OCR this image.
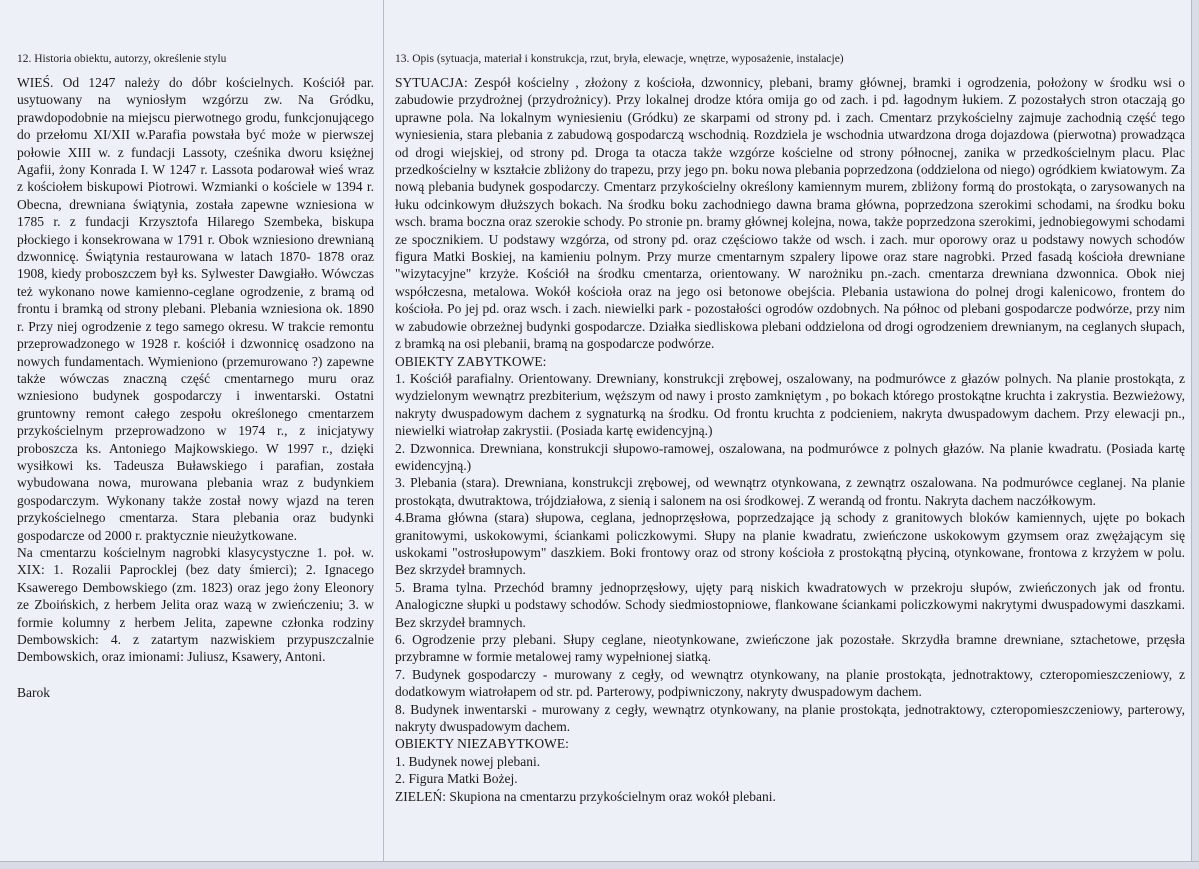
12. Historia obiektu, autorzy, określenie stylu

WIEŚ. Od 1247 należy do dóbr kościelnych. Kościół par. usytuowany na wyniosłym wzgórzu zw. Na Gródku, prawdopodobnie na miejscu pierwotnego grodu, funkcjonującego do przełomu XI/XII w.Parafia powstała być może w pierwszej połowie XIII w. z fundacji Lassoty, cześnika dworu księżnej Agafii, żony Konrada I. W 1247 r. Lassota podarował wieś wraz z kościołem biskupowi Piotrowi. Wzmianki o kościele w 1394 r. Obecna, drewniana świątynia, została zapewne wzniesiona w 1785 r. z fundacji Krzysztofa Hilarego Szembeka, biskupa płockiego i konsekrowana w 1791 r. Obok wzniesiono drewnianą dzwonnicę. Świątynia restaurowana w latach 1870- 1878 oraz 1908, kiedy proboszczem był ks. Sylwester Dawgiałło. Wówczas też wykonano nowe kamienno-ceglane ogrodzenie, z bramą od frontu i bramką od strony plebani. Plebania wzniesiona ok. 1890 r. Przy niej ogrodzenie z tego samego okresu. W trakcie remontu przeprowadzonego w 1928 r. kościół i dzwonnicę osadzono na nowych fundamentach. Wymieniono (przemurowano ?) zapewne także wówczas znaczną część cmentarnego muru oraz wzniesiono budynek gospodarczy i inwentarski. Ostatni gruntowny remont całego zespołu określonego cmentarzem przykościelnym przeprowadzono w 1974 r., z inicjatywy proboszcza ks. Antoniego Majkowskiego. W 1997 r., dzięki wysiłkowi ks. Tadeusza Buławskiego i parafian, została wybudowana nowa, murowana plebania wraz z budynkiem gospodarczym. Wykonany także został nowy wjazd na teren przykościelnego cmentarza. Stara plebania oraz budynki gospodarcze od 2000 r. praktycznie nieużytkowane.

Na cmentarzu kościelnym nagrobki klasycystyczne 1. poł. w. XIX: 1. Rozalii Paprocklej (bez daty śmierci); 2. Ignacego Ksawerego Dembowskiego (zm. 1823) oraz jego żony Eleonory ze Zboińskich, z herbem Jelita oraz wazą w zwieńczeniu; 3. w formie kolumny z herbem Jelita, zapewne członka rodziny Dembowskich: 4. z zatartym nazwiskiem przypuszczalnie Dembowskich, oraz imionami: Juliusz, Ksawery, Antoni.

Barok

13. Opis (sytuacja, materiał i konstrukcja, rzut, bryła, elewacje, wnętrze, wyposażenie, instalacje)

SYTUACJA: Zespół kościelny , złożony z kościoła, dzwonnicy, plebani, bramy głównej, bramki i ogrodzenia, położony w środku wsi o zabudowie przydrożnej (przydrożnicy). Przy lokalnej drodze która omija go od zach. i pd. łagodnym łukiem. Z pozostałych stron otaczają go uprawne pola. Na lokalnym wyniesieniu (Gródku) ze skarpami od strony pd. i zach. Cmentarz przykościelny zajmuje zachodnią część tego wyniesienia, stara plebania z zabudową gospodarczą wschodnią. Rozdziela je wschodnia utwardzona droga dojazdowa (pierwotna) prowadząca od drogi wiejskiej, od strony pd. Droga ta otacza także wzgórze kościelne od strony północnej, zanika w przedkościelnym placu. Plac przedkościelny w kształcie zbliżony do trapezu, przy jego pn. boku nowa plebania poprzedzona (oddzielona od niego) ogródkiem kwiatowym. Za nową plebania budynek gospodarczy. Cmentarz przykościelny określony kamiennym murem, zbliżony formą do prostokąta, o zarysowanych na łuku odcinkowym dłuższych bokach. Na środku boku zachodniego dawna brama główna, poprzedzona szerokimi schodami, na środku boku wsch. brama boczna oraz szerokie schody. Po stronie pn. bramy głównej kolejna, nowa, także poprzedzona szerokimi, jednobiegowymi schodami ze spocznikiem. U podstawy wzgórza, od strony pd. oraz częściowo także od wsch. i zach. mur oporowy oraz u podstawy nowych schodów figura Matki Boskiej, na kamieniu polnym. Przy murze cmentarnym szpalery lipowe oraz stare nagrobki. Przed fasadą kościoła drewniane "wizytacyjne" krzyże. Kościół na środku cmentarza, orientowany. W narożniku pn.-zach. cmentarza drewniana dzwonnica. Obok niej współczesna, metalowa. Wokół kościoła oraz na jego osi betonowe obejścia. Plebania ustawiona do polnej drogi kalenicowo, frontem do kościoła. Po jej pd. oraz wsch. i zach. niewielki park - pozostałości ogrodów ozdobnych. Na północ od plebani gospodarcze podwórze, przy nim w zabudowie obrzeżnej budynki gospodarcze. Działka siedliskowa plebani oddzielona od drogi ogrodzeniem drewnianym, na ceglanych słupach, z bramką na osi plebanii, bramą na gospodarcze podwórze.

OBIEKTY ZABYTKOWE:

1. Kościół parafialny. Orientowany. Drewniany, konstrukcji zrębowej, oszalowany, na podmurówce z głazów polnych. Na planie prostokąta, z wydzielonym wewnątrz prezbiterium, węższym od nawy i prosto zamkniętym , po bokach którego prostokątne kruchta i zakrystia. Bezwieżowy, nakryty dwuspadowym dachem z sygnaturką na środku. Od frontu kruchta z podcieniem, nakryta dwuspadowym dachem. Przy elewacji pn., niewielki wiatrołap zakrystii. (Posiada kartę ewidencyjną.)

2. Dzwonnica. Drewniana, konstrukcji słupowo-ramowej, oszalowana, na podmurówce z polnych głazów. Na planie kwadratu. (Posiada kartę ewidencyjną.)

3. Plebania (stara). Drewniana, konstrukcji zrębowej, od wewnątrz otynkowana, z zewnątrz oszalowana. Na podmurówce ceglanej. Na planie prostokąta, dwutraktowa, trójdziałowa, z sienią i salonem na osi środkowej. Z werandą od frontu. Nakryta dachem naczółkowym.

4.Brama główna (stara) słupowa, ceglana, jednoprzęsłowa, poprzedzające ją schody z granitowych bloków kamiennych, ujęte po bokach granitowymi, uskokowymi, ściankami policzkowymi. Słupy na planie kwadratu, zwieńczone uskokowym gzymsem oraz zwężającym się uskokami "ostrosłupowym" daszkiem. Boki frontowy oraz od strony kościoła z prostokątną płyciną, otynkowane, frontowa z krzyżem w polu. Bez skrzydeł bramnych.

5. Brama tylna. Przechód bramny jednoprzęsłowy, ujęty parą niskich kwadratowych w przekroju słupów, zwieńczonych jak od frontu. Analogiczne słupki u podstawy schodów. Schody siedmiostopniowe, flankowane ściankami policzkowymi nakrytymi dwuspadowymi daszkami. Bez skrzydeł bramnych.

6. Ogrodzenie przy plebani. Słupy ceglane, nieotynkowane, zwieńczone jak pozostałe. Skrzydła bramne drewniane, sztachetowe, przęsła przybramne w formie metalowej ramy wypełnionej siatką.

7. Budynek gospodarczy - murowany z cegły, od wewnątrz otynkowany, na planie prostokąta, jednotraktowy, czteropomieszczeniowy, z dodatkowym wiatrołapem od str. pd. Parterowy, podpiwniczony, nakryty dwuspadowym dachem.

8. Budynek inwentarski - murowany z cegły, wewnątrz otynkowany, na planie prostokąta, jednotraktowy, czteropomieszczeniowy, parterowy, nakryty dwuspadowym dachem.

OBIEKTY NIEZABYTKOWE:

1. Budynek nowej plebani.

2. Figura Matki Bożej.

ZIELEŃ: Skupiona na cmentarzu przykościelnym oraz wokół plebani.
